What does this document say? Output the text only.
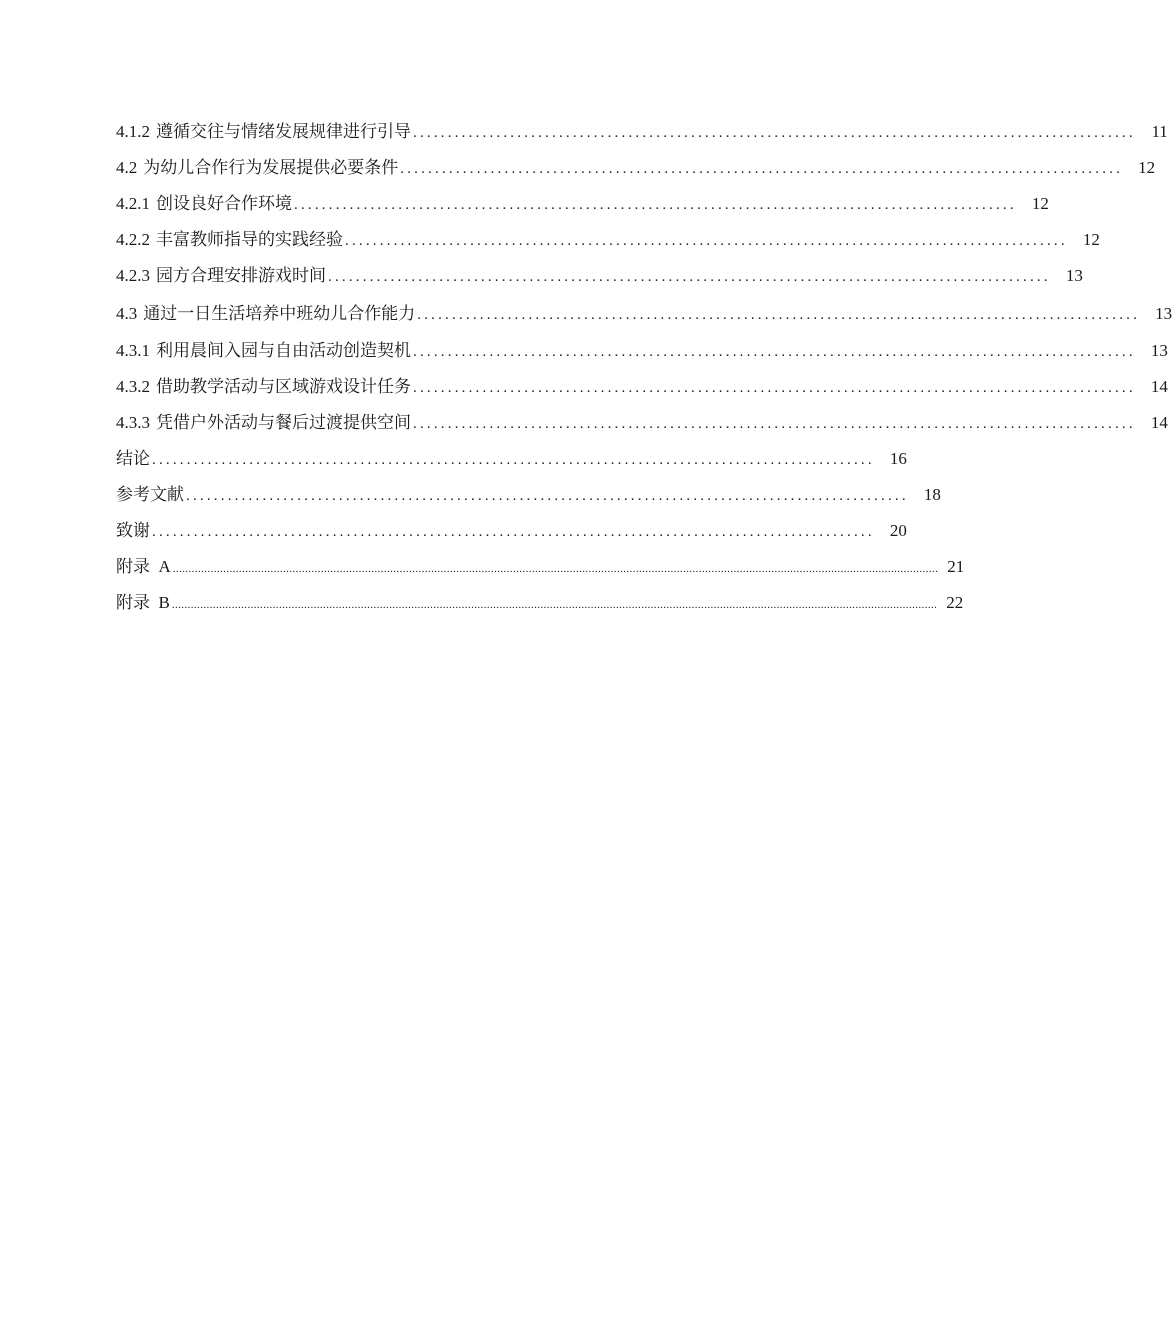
4.1.2 遵循交往与情绪发展规律进行引导 ........................................................................................................ 11
4.2 为幼儿合作行为发展提供必要条件 ........................................................................................................ 12
4.2.1 创设良好合作环境 ........................................................................................................ 12
4.2.2 丰富教师指导的实践经验 ........................................................................................................ 12
4.2.3 园方合理安排游戏时间 ........................................................................................................ 13
4.3 通过一日生活培养中班幼儿合作能力 ........................................................................................................ 13
4.3.1 利用晨间入园与自由活动创造契机 ........................................................................................................ 13
4.3.2 借助教学活动与区域游戏设计任务 ........................................................................................................ 14
4.3.3 凭借户外活动与餐后过渡提供空间 ........................................................................................................ 14
结论 ........................................................................................................ 16
参考文献 ........................................................................................................ 18
致谢 ........................................................................................................ 20
附录  A ................................................................................................................................................................................................................................................... 21
附录  B ................................................................................................................................................................................................................................................... 22
